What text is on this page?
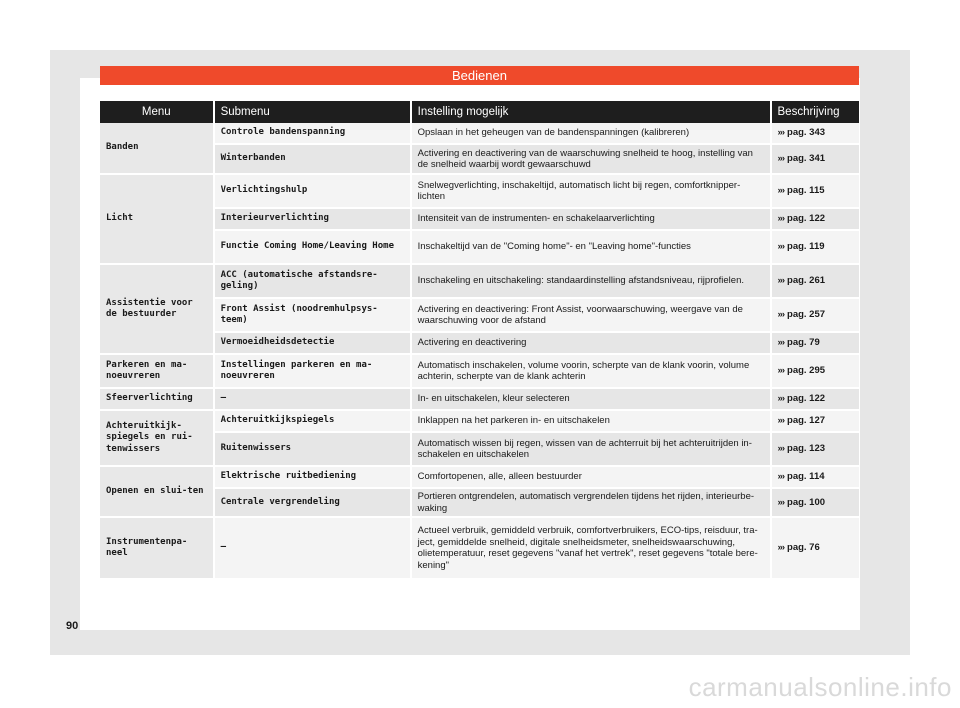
Bedienen
Menu	Submenu	Instelling mogelijk	Beschrijving
Banden	Controle bandenspanning	Opslaan in het geheugen van de bandenspanningen (kalibreren)	››› pag. 343
	Winterbanden	Activering en deactivering van de waarschuwing snelheid te hoog, instelling van de snelheid waarbij wordt gewaarschuwd	››› pag. 341
Licht	Verlichtingshulp	Snelwegverlichting, inschakeltijd, automatisch licht bij regen, comfortknipper-lichten	››› pag. 115
	Interieurverlichting	Intensiteit van de instrumenten- en schakelaarverlichting	››› pag. 122
	Functie Coming Home/Leaving Home	Inschakeltijd van de "Coming home"- en "Leaving home"-functies	››› pag. 119
Assistentie voor de bestuurder	ACC (automatische afstandsre-geling)	Inschakeling en uitschakeling: standaardinstelling afstandsniveau, rijprofielen.	››› pag. 261
	Front Assist (noodremhulpsys-teem)	Activering en deactivering: Front Assist, voorwaarschuwing, weergave van de waarschuwing voor de afstand	››› pag. 257
	Vermoeidheidsdetectie	Activering en deactivering	››› pag. 79
Parkeren en ma-noeuvreren	Instellingen parkeren en ma-noeuvreren	Automatisch inschakelen, volume voorin, scherpte van de klank voorin, volume achterin, scherpte van de klank achterin	››› pag. 295
Sfeerverlichting	–	In- en uitschakelen, kleur selecteren	››› pag. 122
Achteruitkijk-spiegels en rui-tenwissers	Achteruitkijkspiegels	Inklappen na het parkeren in- en uitschakelen	››› pag. 127
	Ruitenwissers	Automatisch wissen bij regen, wissen van de achterruit bij het achteruitrijden in-schakelen en uitschakelen	››› pag. 123
Openen en slui-ten	Elektrische ruitbediening	Comfortopenen, alle, alleen bestuurder	››› pag. 114
	Centrale vergrendeling	Portieren ontgrendelen, automatisch vergrendelen tijdens het rijden, interieurbe-waking	››› pag. 100
Instrumentenpa-neel	–	Actueel verbruik, gemiddeld verbruik, comfortverbruikers, ECO-tips, reisduur, tra-ject, gemiddelde snelheid, digitale snelheidsmeter, snelheidswaarschuwing, olietemperatuur, reset gegevens "vanaf het vertrek", reset gegevens "totale bere-kening"	››› pag. 76
90
carmanualsonline.info
